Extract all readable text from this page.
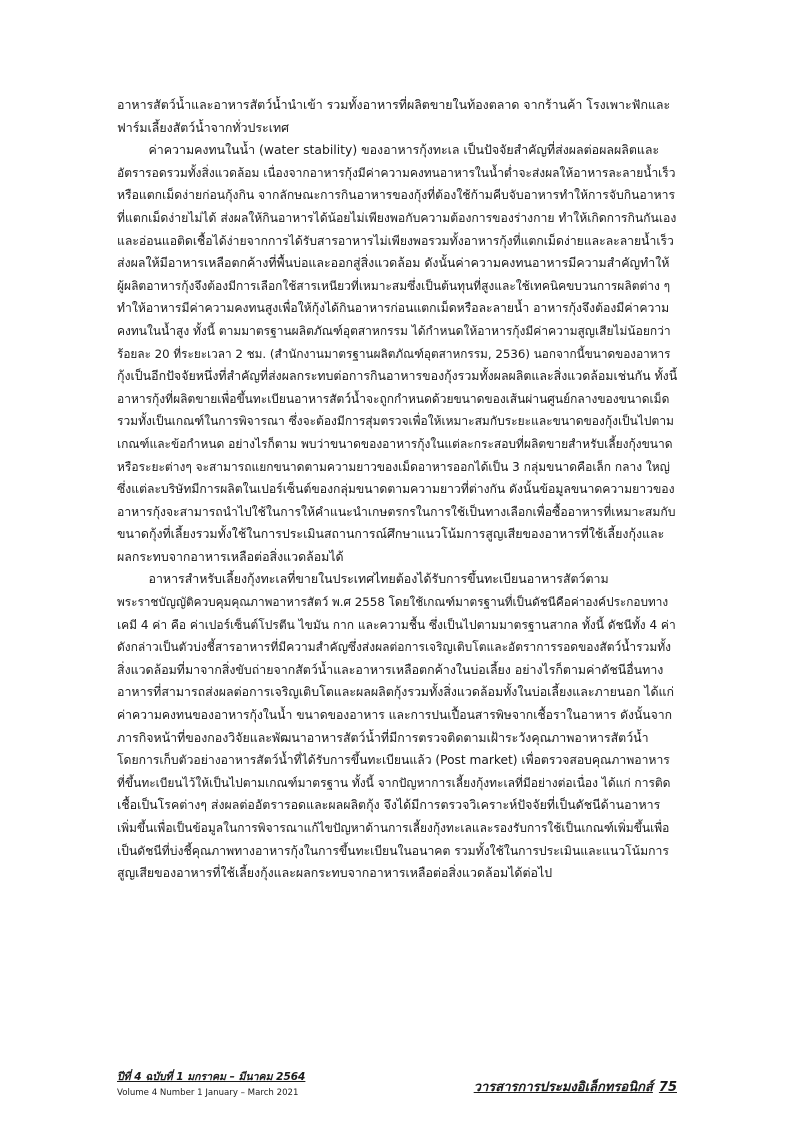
อาหารสัตว์น้ำและอาหารสัตว์น้ำนำเข้า รวมทั้งอาหารที่ผลิตขายในท้องตลาด จากร้านค้า โรงเพาะฟักและ
ฟาร์มเลี้ยงสัตว์น้ำจากทั่วประเทศ
ค่าความคงทนในน้ำ (water stability) ของอาหารกุ้งทะเล เป็นปัจจัยสำคัญที่ส่งผลต่อผลผลิตและ
อัตรารอดรวมทั้งสิ่งแวดล้อม เนื่องจากอาหารกุ้งมีค่าความคงทนอาหารในน้ำต่ำจะส่งผลให้อาหารละลายน้ำเร็ว
หรือแตกเม็ดง่ายก่อนกุ้งกิน จากลักษณะการกินอาหารของกุ้งที่ต้องใช้ก้ามคีบจับอาหารทำให้การจับกินอาหาร
ที่แตกเม็ดง่ายไม่ได้ ส่งผลให้กินอาหารได้น้อยไม่เพียงพอกับความต้องการของร่างกาย ทำให้เกิดการกินกันเอง
และอ่อนแอติดเชื้อได้ง่ายจากการได้รับสารอาหารไม่เพียงพอรวมทั้งอาหารกุ้งที่แตกเม็ดง่ายและละลายน้ำเร็ว
ส่งผลให้มีอาหารเหลือตกค้างที่พื้นบ่อและออกสู่สิ่งแวดล้อม ดังนั้นค่าความคงทนอาหารมีความสำคัญทำให้
ผู้ผลิตอาหารกุ้งจึงต้องมีการเลือกใช้สารเหนียวที่เหมาะสมซึ่งเป็นต้นทุนที่สูงและใช้เทคนิคขบวนการผลิตต่าง ๆ
ทำให้อาหารมีค่าความคงทนสูงเพื่อให้กุ้งได้กินอาหารก่อนแตกเม็ดหรือละลายน้ำ อาหารกุ้งจึงต้องมีค่าความ
คงทนในน้ำสูง ทั้งนี้ ตามมาตรฐานผลิตภัณฑ์อุตสาหกรรม ได้กำหนดให้อาหารกุ้งมีค่าความสูญเสียไม่น้อยกว่า
ร้อยละ 20 ที่ระยะเวลา 2 ชม. (สำนักงานมาตรฐานผลิตภัณฑ์อุตสาหกรรม, 2536) นอกจากนี้ขนาดของอาหาร
กุ้งเป็นอีกปัจจัยหนึ่งที่สำคัญที่ส่งผลกระทบต่อการกินอาหารของกุ้งรวมทั้งผลผลิตและสิ่งแวดล้อมเช่นกัน ทั้งนี้
อาหารกุ้งที่ผลิตขายเพื่อขึ้นทะเบียนอาหารสัตว์น้ำจะถูกกำหนดด้วยขนาดของเส้นผ่านศูนย์กลางของขนาดเม็ด
รวมทั้งเป็นเกณฑ์ในการพิจารณา ซึ่งจะต้องมีการสุ่มตรวจเพื่อให้เหมาะสมกับระยะและขนาดของกุ้งเป็นไปตาม
เกณฑ์และข้อกำหนด อย่างไรก็ตาม พบว่าขนาดของอาหารกุ้งในแต่ละกระสอบที่ผลิตขายสำหรับเลี้ยงกุ้งขนาด
หรือระยะต่างๆ จะสามารถแยกขนาดตามความยาวของเม็ดอาหารออกได้เป็น 3 กลุ่มขนาดคือเล็ก กลาง ใหญ่
ซึ่งแต่ละบริษัทมีการผลิตในเปอร์เซ็นต์ของกลุ่มขนาดตามความยาวที่ต่างกัน ดังนั้นข้อมูลขนาดความยาวของ
อาหารกุ้งจะสามารถนำไปใช้ในการให้คำแนะนำเกษตรกรในการใช้เป็นทางเลือกเพื่อซื้ออาหารที่เหมาะสมกับ
ขนาดกุ้งที่เลี้ยงรวมทั้งใช้ในการประเมินสถานการณ์ศึกษาแนวโน้มการสูญเสียของอาหารที่ใช้เลี้ยงกุ้งและ
ผลกระทบจากอาหารเหลือต่อสิ่งแวดล้อมได้
อาหารสำหรับเลี้ยงกุ้งทะเลที่ขายในประเทศไทยต้องได้รับการขึ้นทะเบียนอาหารสัตว์ตาม
พระราชบัญญัติควบคุมคุณภาพอาหารสัตว์ พ.ศ 2558 โดยใช้เกณฑ์มาตรฐานที่เป็นดัชนีคือค่าองค์ประกอบทาง
เคมี 4 ค่า คือ ค่าเปอร์เซ็นต์โปรตีน ไขมัน กาก และความชื้น ซึ่งเป็นไปตามมาตรฐานสากล ทั้งนี้ ดัชนีทั้ง 4 ค่า
ดังกล่าวเป็นตัวบ่งชี้สารอาหารที่มีความสำคัญซึ่งส่งผลต่อการเจริญเติบโตและอัตราการรอดของสัตว์น้ำรวมทั้ง
สิ่งแวดล้อมที่มาจากสิ่งขับถ่ายจากสัตว์น้ำและอาหารเหลือตกค้างในบ่อเลี้ยง อย่างไรก็ตามค่าดัชนีอื่นทาง
อาหารที่สามารถส่งผลต่อการเจริญเติบโตและผลผลิตกุ้งรวมทั้งสิ่งแวดล้อมทั้งในบ่อเลี้ยงและภายนอก ได้แก่
ค่าความคงทนของอาหารกุ้งในน้ำ ขนาดของอาหาร และการปนเปื้อนสารพิษจากเชื้อราในอาหาร ดังนั้นจาก
ภารกิจหน้าที่ของกองวิจัยและพัฒนาอาหารสัตว์น้ำที่มีการตรวจติดตามเฝ้าระวังคุณภาพอาหารสัตว์น้ำ
โดยการเก็บตัวอย่างอาหารสัตว์น้ำที่ได้รับการขึ้นทะเบียนแล้ว (Post market) เพื่อตรวจสอบคุณภาพอาหาร
ที่ขึ้นทะเบียนไว้ให้เป็นไปตามเกณฑ์มาตรฐาน ทั้งนี้ จากปัญหาการเลี้ยงกุ้งทะเลที่มีอย่างต่อเนื่อง ได้แก่ การติด
เชื้อเป็นโรคต่างๆ ส่งผลต่ออัตรารอดและผลผลิตกุ้ง จึงได้มีการตรวจวิเคราะห์ปัจจัยที่เป็นดัชนีด้านอาหาร
เพิ่มขึ้นเพื่อเป็นข้อมูลในการพิจารณาแก้ไขปัญหาด้านการเลี้ยงกุ้งทะเลและรองรับการใช้เป็นเกณฑ์เพิ่มขึ้นเพื่อ
เป็นดัชนีที่บ่งชี้คุณภาพทางอาหารกุ้งในการขึ้นทะเบียนในอนาคต รวมทั้งใช้ในการประเมินและแนวโน้มการ
สูญเสียของอาหารที่ใช้เลี้ยงกุ้งและผลกระทบจากอาหารเหลือต่อสิ่งแวดล้อมได้ต่อไป
ปีที่ 4 ฉบับที่ 1 มกราคม – มีนาคม 2564
Volume 4 Number 1 January – March 2021	วารสารการประมงอิเล็กทรอนิกส์ 75
